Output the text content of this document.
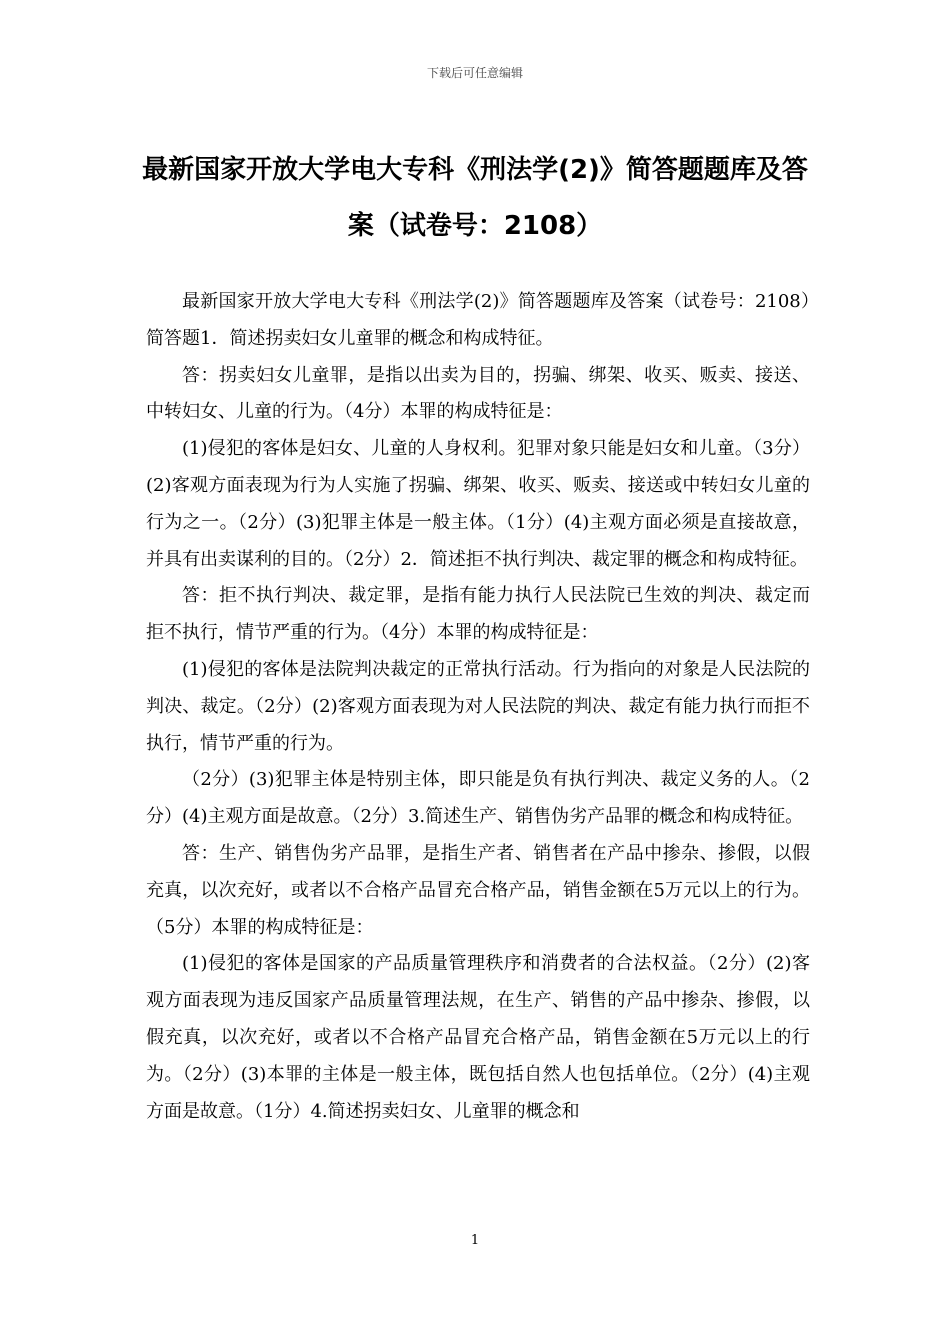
下载后可任意编辑
最新国家开放大学电大专科《刑法学(2)》简答题题库及答案（试卷号：2108）

最新国家开放大学电大专科《刑法学(2)》简答题题库及答案（试卷号：2108）简答题1．简述拐卖妇女儿童罪的概念和构成特征。

答：拐卖妇女儿童罪，是指以出卖为目的，拐骗、绑架、收买、贩卖、接送、中转妇女、儿童的行为。（4分）本罪的构成特征是：

(1)侵犯的客体是妇女、儿童的人身权利。犯罪对象只能是妇女和儿童。（3分）(2)客观方面表现为行为人实施了拐骗、绑架、收买、贩卖、接送或中转妇女儿童的行为之一。（2分）(3)犯罪主体是一般主体。（1分）(4)主观方面必须是直接故意，并具有出卖谋利的目的。（2分）2．简述拒不执行判决、裁定罪的概念和构成特征。

答：拒不执行判决、裁定罪，是指有能力执行人民法院已生效的判决、裁定而拒不执行，情节严重的行为。（4分）本罪的构成特征是：

(1)侵犯的客体是法院判决裁定的正常执行活动。行为指向的对象是人民法院的判决、裁定。（2分）(2)客观方面表现为对人民法院的判决、裁定有能力执行而拒不执行，情节严重的行为。

（2分）(3)犯罪主体是特别主体，即只能是负有执行判决、裁定义务的人。（2分）(4)主观方面是故意。（2分）3.简述生产、销售伪劣产品罪的概念和构成特征。

答：生产、销售伪劣产品罪，是指生产者、销售者在产品中掺杂、掺假，以假充真，以次充好，或者以不合格产品冒充合格产品，销售金额在5万元以上的行为。（5分）本罪的构成特征是：

(1)侵犯的客体是国家的产品质量管理秩序和消费者的合法权益。（2分）(2)客观方面表现为违反国家产品质量管理法规，在生产、销售的产品中掺杂、掺假，以假充真，以次充好，或者以不合格产品冒充合格产品，销售金额在5万元以上的行为。（2分）(3)本罪的主体是一般主体，既包括自然人也包括单位。（2分）(4)主观方面是故意。（1分）4.简述拐卖妇女、儿童罪的概念和

1
